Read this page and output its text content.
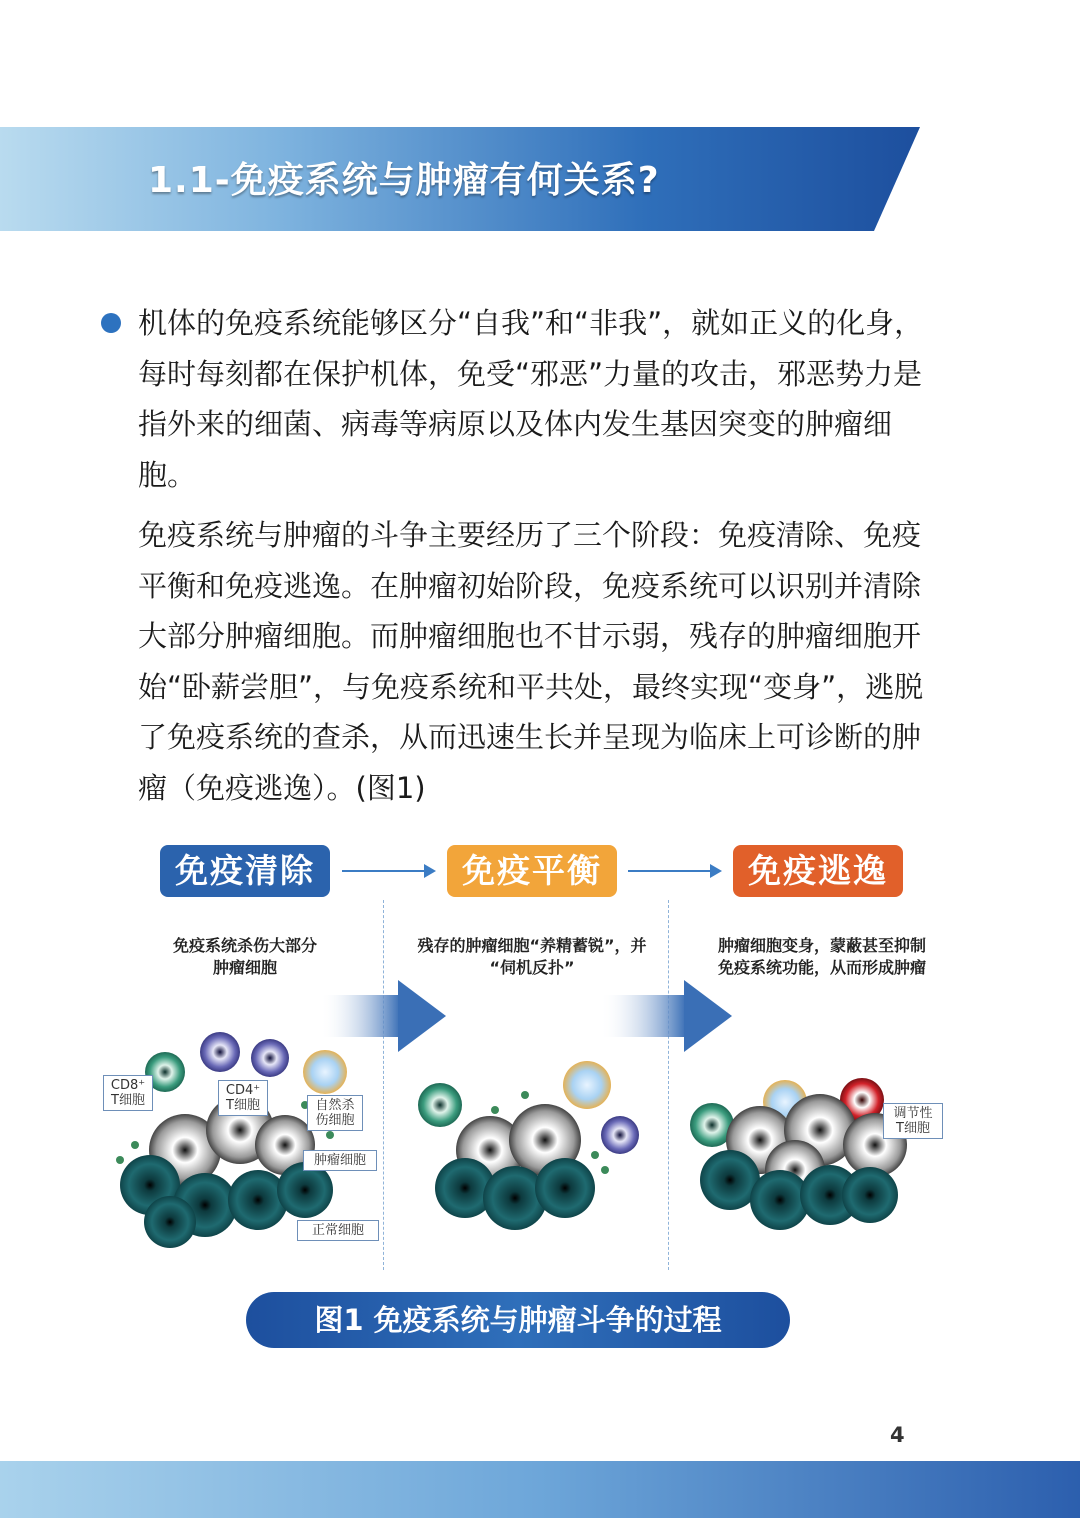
1.1-免疫系统与肿瘤有何关系?

机体的免疫系统能够区分“自我”和“非我”，就如正义的化身，每时每刻都在保护机体，免受“邪恶”力量的攻击，邪恶势力是指外来的细菌、病毒等病原以及体内发生基因突变的肿瘤细胞。

免疫系统与肿瘤的斗争主要经历了三个阶段：免疫清除、免疫平衡和免疫逃逸。在肿瘤初始阶段，免疫系统可以识别并清除大部分肿瘤细胞。而肿瘤细胞也不甘示弱，残存的肿瘤细胞开始“卧薪尝胆”，与免疫系统和平共处，最终实现“变身”，逃脱了免疫系统的查杀，从而迅速生长并呈现为临床上可诊断的肿瘤（免疫逃逸）。(图1)

免疫清除	免疫平衡	免疫逃逸
免疫系统杀伤大部分
肿瘤细胞
残存的肿瘤细胞“养精蓄锐”，并
“伺机反扑”
肿瘤细胞变身，蒙蔽甚至抑制
免疫系统功能，从而形成肿瘤
CD8⁺
T细胞
CD4⁺
T细胞	自然杀
伤细胞
肿瘤细胞
正常细胞
调节性
T细胞
图1 免疫系统与肿瘤斗争的过程
4
